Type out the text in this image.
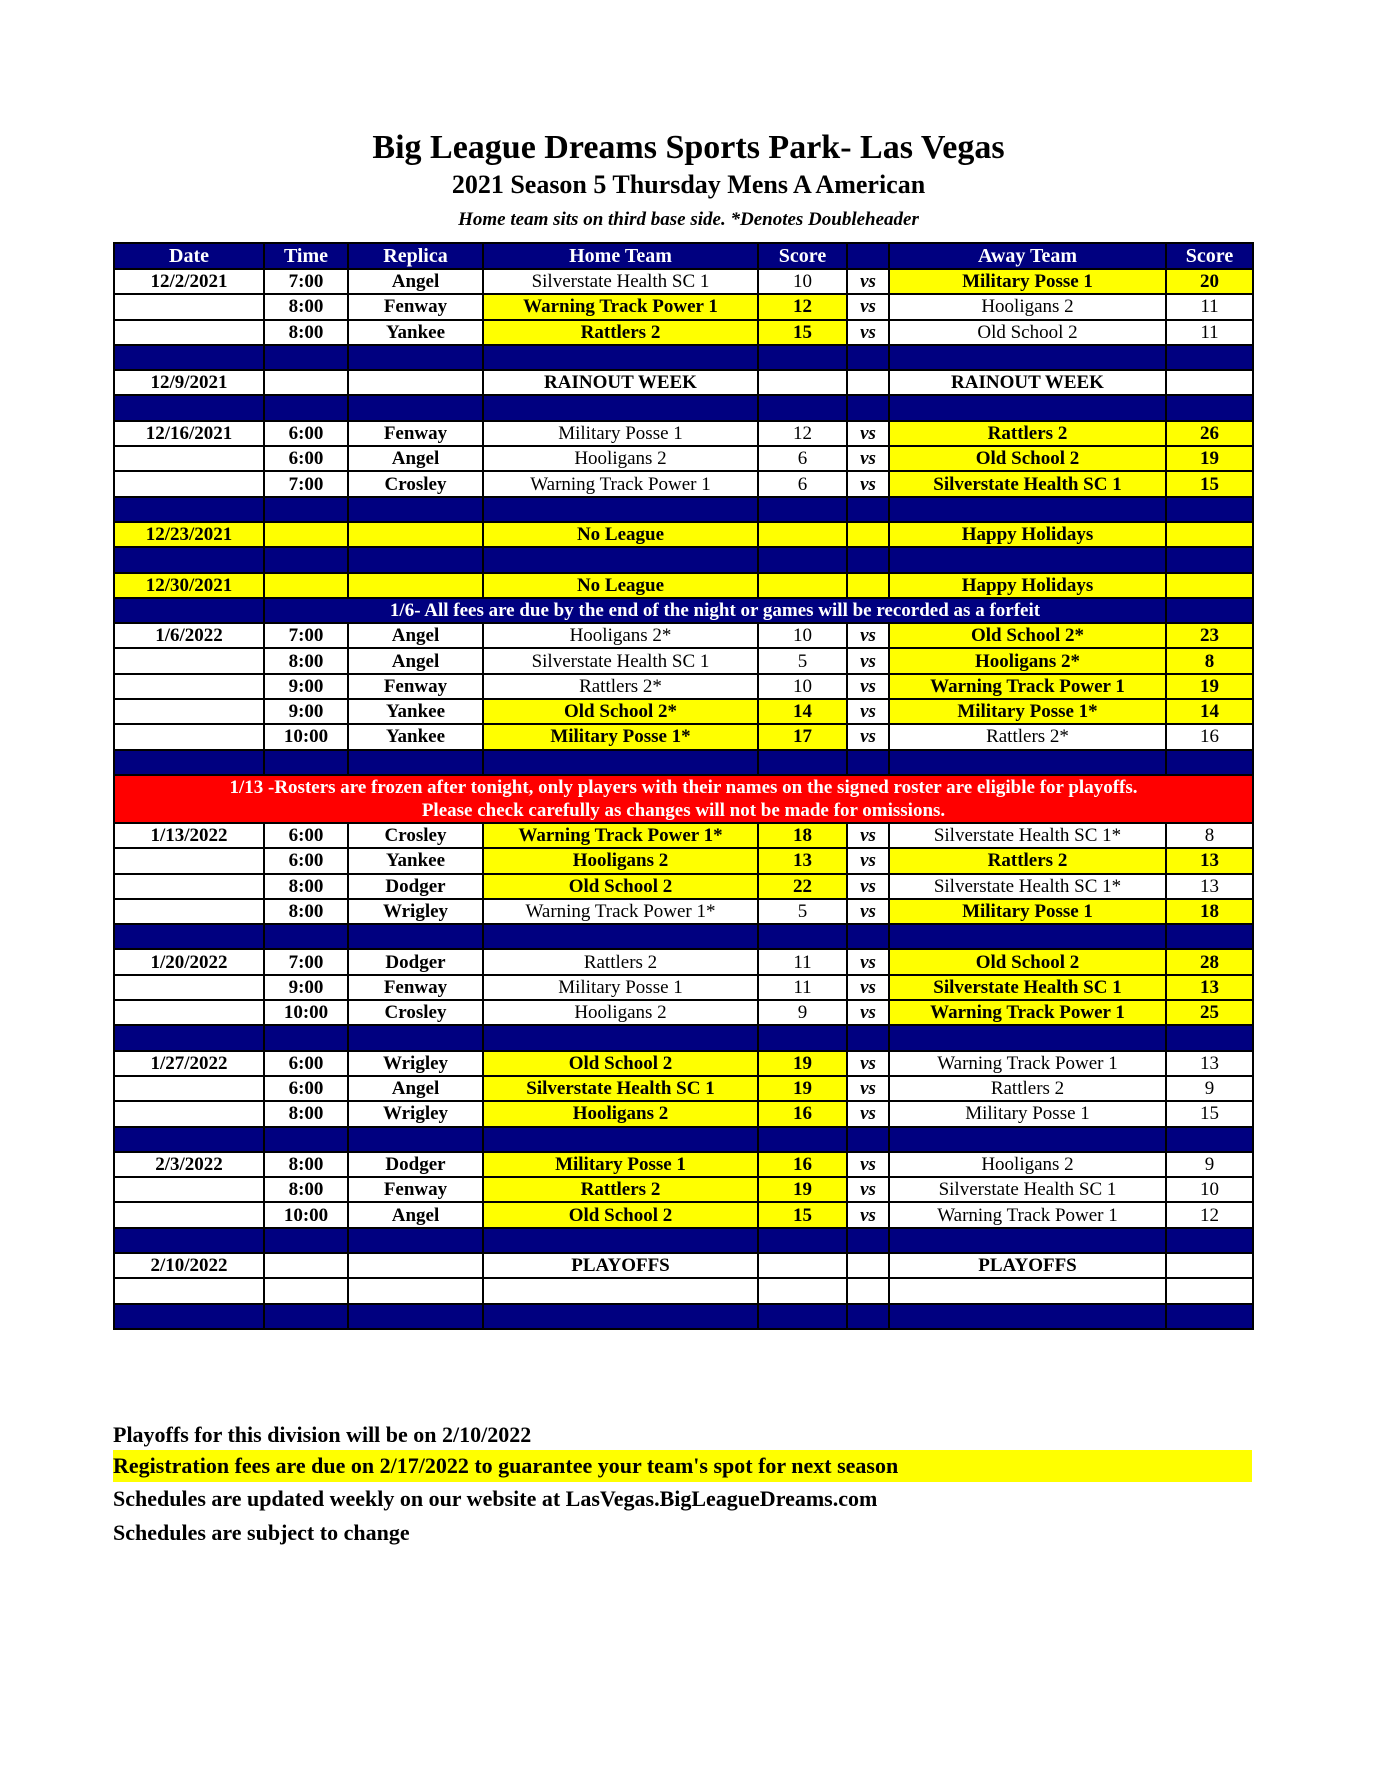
Big League Dreams Sports Park- Las Vegas
2021 Season 5 Thursday Mens A American
Home team sits on third base side. *Denotes Doubleheader
Date	Time	Replica	Home Team	Score		Away Team	Score
12/2/2021	7:00	Angel	Silverstate Health SC 1	10	vs	Military Posse 1	20
	8:00	Fenway	Warning Track Power 1	12	vs	Hooligans 2	11
	8:00	Yankee	Rattlers 2	15	vs	Old School 2	11

12/9/2021			RAINOUT WEEK			RAINOUT WEEK	

12/16/2021	6:00	Fenway	Military Posse 1	12	vs	Rattlers 2	26
	6:00	Angel	Hooligans 2	6	vs	Old School 2	19
	7:00	Crosley	Warning Track Power 1	6	vs	Silverstate Health SC 1	15

12/23/2021			No League			Happy Holidays	

12/30/2021			No League			Happy Holidays	
	1/6- All fees are due by the end of the night or games will be recorded as a forfeit						
1/6/2022	7:00	Angel	Hooligans 2*	10	vs	Old School 2*	23
	8:00	Angel	Silverstate Health SC 1	5	vs	Hooligans 2*	8
	9:00	Fenway	Rattlers 2*	10	vs	Warning Track Power 1	19
	9:00	Yankee	Old School 2*	14	vs	Military Posse 1*	14
	10:00	Yankee	Military Posse 1*	17	vs	Rattlers 2*	16

1/13 -Rosters are frozen after tonight, only players with their names on the signed roster are eligible for playoffs.
Please check carefully as changes will not be made for omissions.							

1/13/2022	6:00	Crosley	Warning Track Power 1*	18	vs	Silverstate Health SC 1*	8
	6:00	Yankee	Hooligans 2	13	vs	Rattlers 2	13
	8:00	Dodger	Old School 2	22	vs	Silverstate Health SC 1*	13
	8:00	Wrigley	Warning Track Power 1*	5	vs	Military Posse 1	18

1/20/2022	7:00	Dodger	Rattlers 2	11	vs	Old School 2	28
	9:00	Fenway	Military Posse 1	11	vs	Silverstate Health SC 1	13
	10:00	Crosley	Hooligans 2	9	vs	Warning Track Power 1	25

1/27/2022	6:00	Wrigley	Old School 2	19	vs	Warning Track Power 1	13
	6:00	Angel	Silverstate Health SC 1	19	vs	Rattlers 2	9
	8:00	Wrigley	Hooligans 2	16	vs	Military Posse 1	15

2/3/2022	8:00	Dodger	Military Posse 1	16	vs	Hooligans 2	9
	8:00	Fenway	Rattlers 2	19	vs	Silverstate Health SC 1	10
	10:00	Angel	Old School 2	15	vs	Warning Track Power 1	12

2/10/2022			PLAYOFFS			PLAYOFFS	

Playoffs for this division will be on 2/10/2022
Registration fees are due on 2/17/2022 to guarantee your team's spot for next season
Schedules are updated weekly on our website at LasVegas.BigLeagueDreams.com
Schedules are subject to change
